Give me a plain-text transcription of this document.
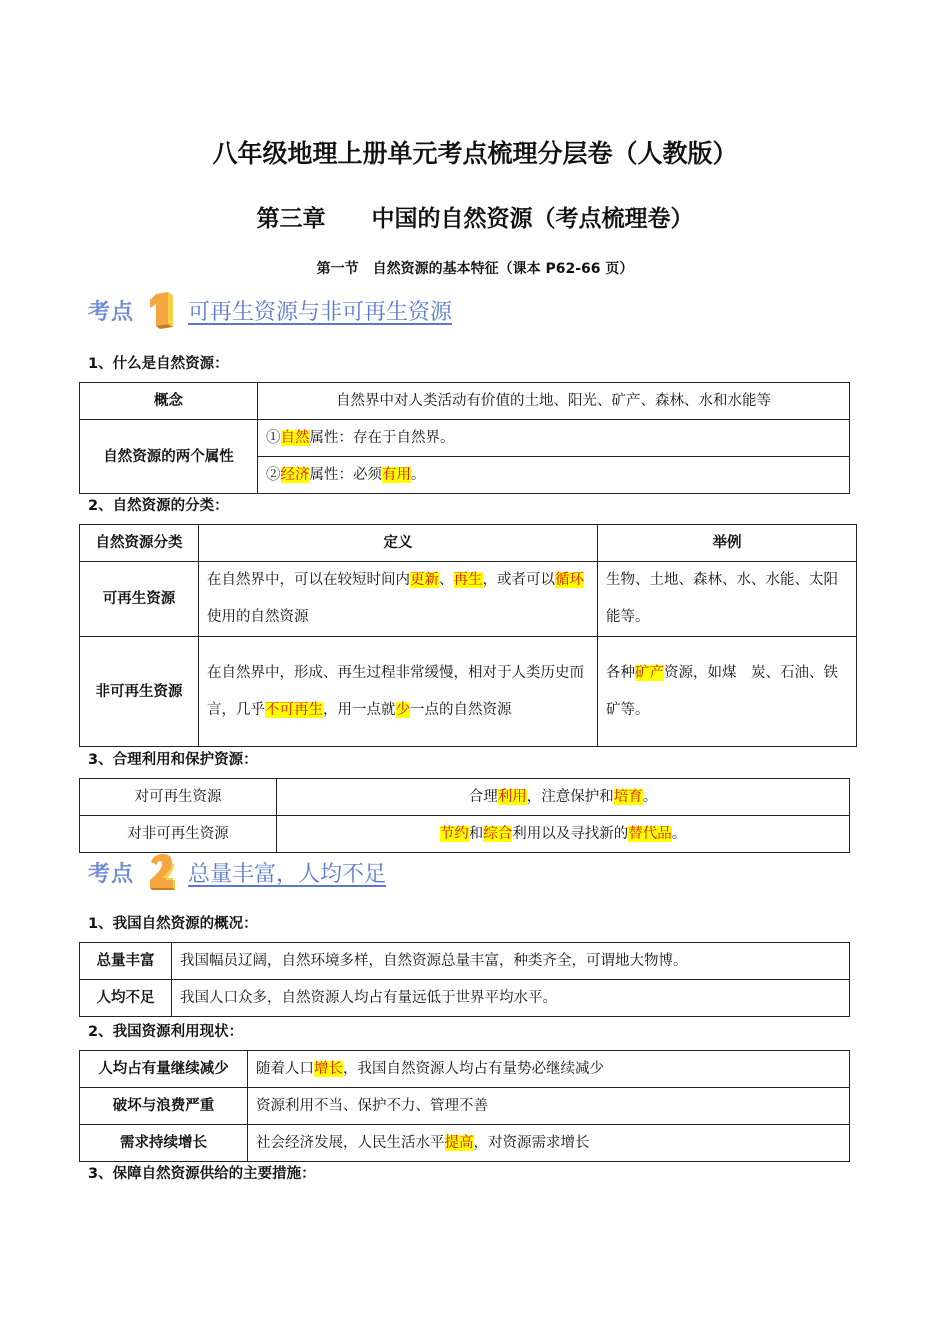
八年级地理上册单元考点梳理分层卷（人教版）
第三章　　中国的自然资源（考点梳理卷）
第一节　自然资源的基本特征（课本 P62-66 页）
考点 可再生资源与非可再生资源
1、什么是自然资源：
概念	自然界中对人类活动有价值的土地、阳光、矿产、森林、水和水能等
自然资源的两个属性	①自然属性：存在于自然界。
	②经济属性：必须有用。
2、自然资源的分类：
自然资源分类	定义	举例
可再生资源	在自然界中，可以在较短时间内更新、再生，或者可以循环使用的自然资源	生物、土地、森林、水、水能、太阳能等。
非可再生资源	在自然界中，形成、再生过程非常缓慢，相对于人类历史而言，几乎不可再生，用一点就少一点的自然资源	各种矿产资源，如煤　炭、石油、铁矿等。
3、合理利用和保护资源：
对可再生资源	合理利用，注意保护和培育。
对非可再生资源	节约和综合利用以及寻找新的替代品。
考点 总量丰富，人均不足
1、我国自然资源的概况：
总量丰富	我国幅员辽阔，自然环境多样，自然资源总量丰富，种类齐全，可谓地大物博。
人均不足	我国人口众多，自然资源人均占有量远低于世界平均水平。
2、我国资源利用现状：
人均占有量继续减少	随着人口增长，我国自然资源人均占有量势必继续减少
破坏与浪费严重	资源利用不当、保护不力、管理不善
需求持续增长	社会经济发展，人民生活水平提高，对资源需求增长
3、保障自然资源供给的主要措施：
